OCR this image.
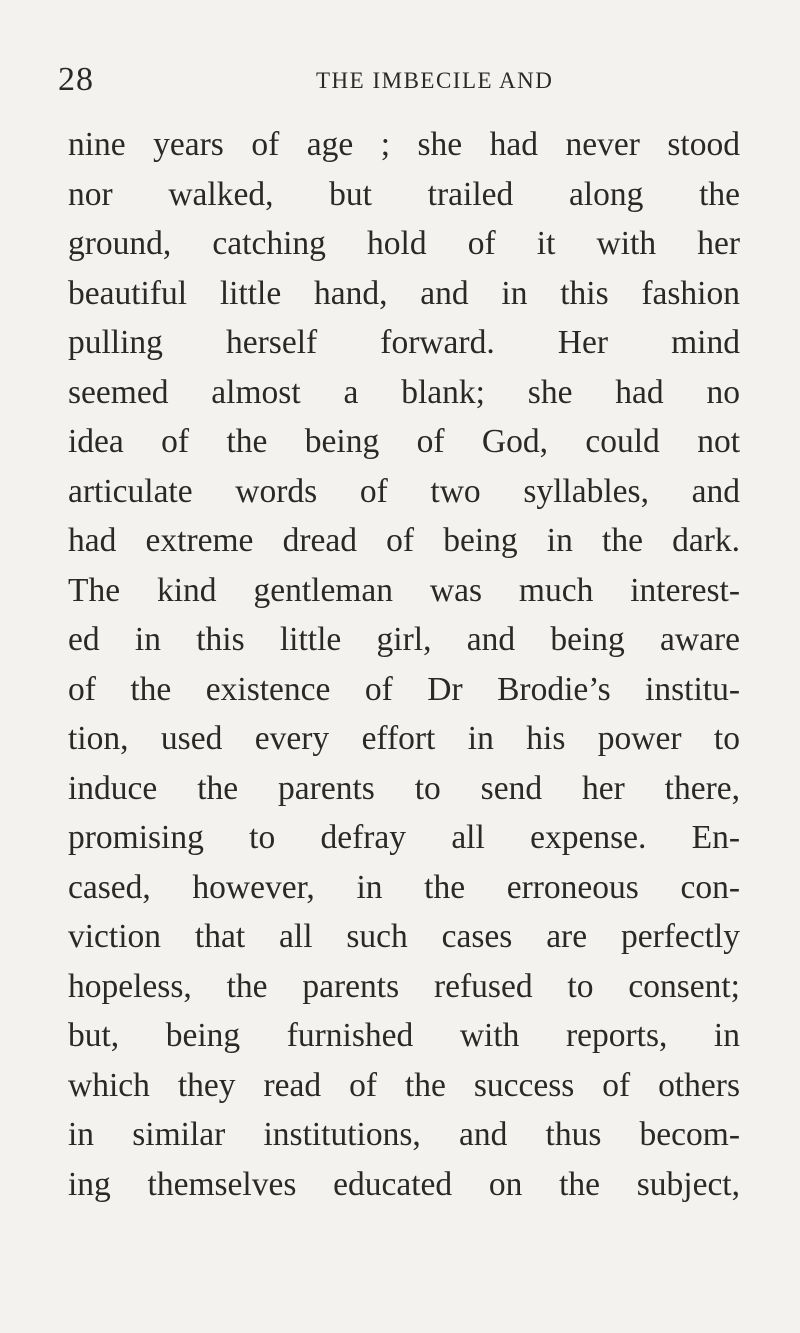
28	THE IMBECILE AND
nine years of age ; she had never stood
nor walked, but trailed along the
ground, catching hold of it with her
beautiful little hand, and in this fashion
pulling herself forward. Her mind
seemed almost a blank; she had no
idea of the being of God, could not
articulate words of two syllables, and
had extreme dread of being in the dark.
The kind gentleman was much interest-
ed in this little girl, and being aware
of the existence of Dr Brodie’s institu-
tion, used every effort in his power to
induce the parents to send her there,
promising to defray all expense. En-
cased, however, in the erroneous con-
viction that all such cases are perfectly
hopeless, the parents refused to consent;
but, being furnished with reports, in
which they read of the success of others
in similar institutions, and thus becom-
ing themselves educated on the subject,
